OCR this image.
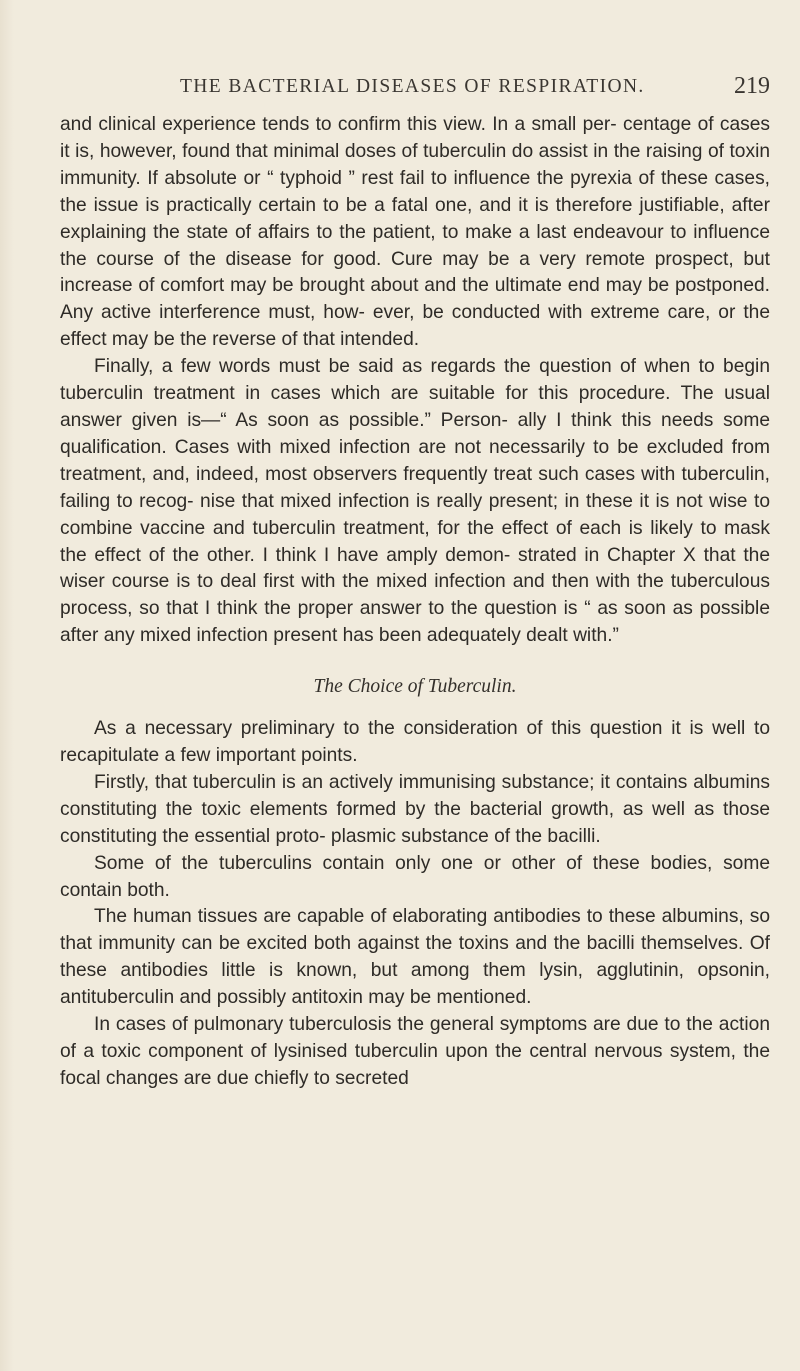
THE BACTERIAL DISEASES OF RESPIRATION.	219

and clinical experience tends to confirm this view. In a small per- centage of cases it is, however, found that minimal doses of tuberculin do assist in the raising of toxin immunity. If absolute or “ typhoid ” rest fail to influence the pyrexia of these cases, the issue is practically certain to be a fatal one, and it is therefore justifiable, after explaining the state of affairs to the patient, to make a last endeavour to influence the course of the disease for good. Cure may be a very remote prospect, but increase of comfort may be brought about and the ultimate end may be postponed. Any active interference must, how- ever, be conducted with extreme care, or the effect may be the reverse of that intended.

Finally, a few words must be said as regards the question of when to begin tuberculin treatment in cases which are suitable for this procedure. The usual answer given is—“ As soon as possible.” Person- ally I think this needs some qualification. Cases with mixed infection are not necessarily to be excluded from treatment, and, indeed, most observers frequently treat such cases with tuberculin, failing to recog- nise that mixed infection is really present; in these it is not wise to combine vaccine and tuberculin treatment, for the effect of each is likely to mask the effect of the other. I think I have amply demon- strated in Chapter X that the wiser course is to deal first with the mixed infection and then with the tuberculous process, so that I think the proper answer to the question is “ as soon as possible after any mixed infection present has been adequately dealt with.”

The Choice of Tuberculin.

As a necessary preliminary to the consideration of this question it is well to recapitulate a few important points.

Firstly, that tuberculin is an actively immunising substance; it contains albumins constituting the toxic elements formed by the bacterial growth, as well as those constituting the essential proto- plasmic substance of the bacilli.

Some of the tuberculins contain only one or other of these bodies, some contain both.

The human tissues are capable of elaborating antibodies to these albumins, so that immunity can be excited both against the toxins and the bacilli themselves. Of these antibodies little is known, but among them lysin, agglutinin, opsonin, antituberculin and possibly antitoxin may be mentioned.

In cases of pulmonary tuberculosis the general symptoms are due to the action of a toxic component of lysinised tuberculin upon the central nervous system, the focal changes are due chiefly to secreted
